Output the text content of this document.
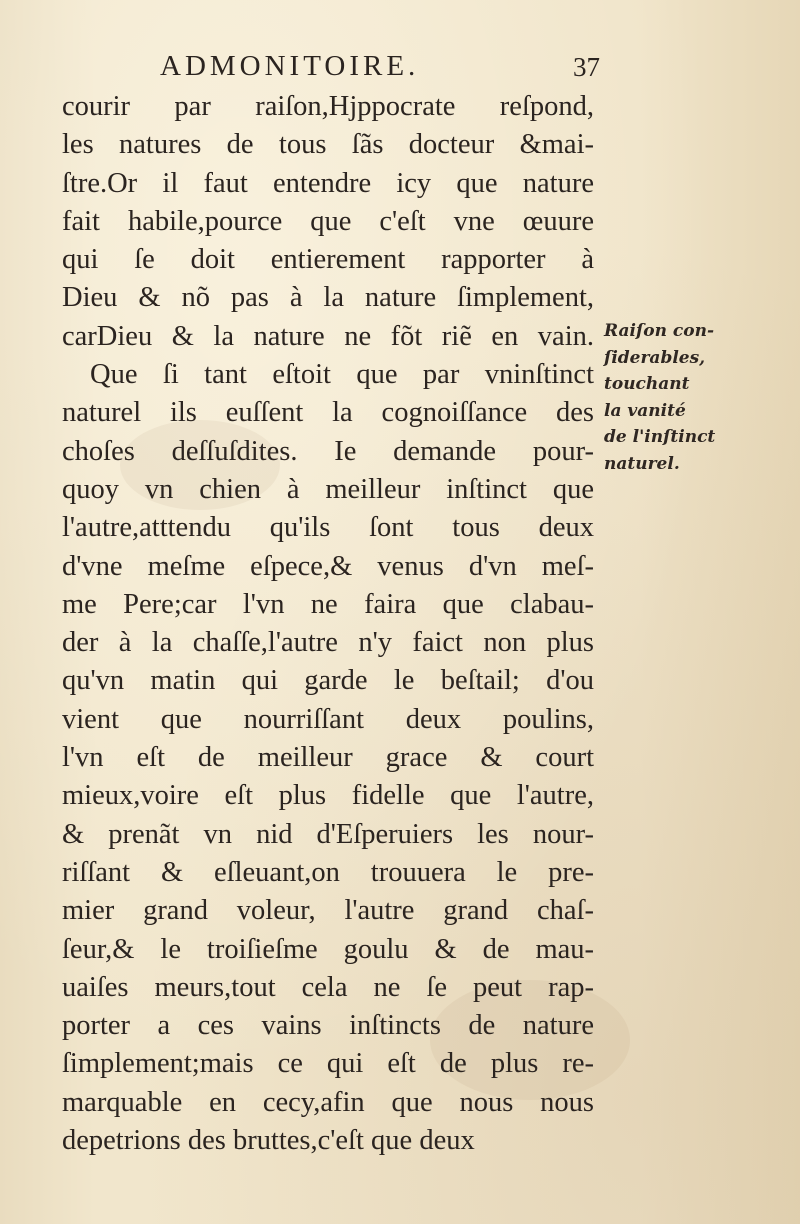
ADMONITOIRE.	37
courir par raiſon,Hjppocrate reſpond,
les natures de tous ſãs docteur &mai-
ſtre.Or il faut entendre icy que nature
fait habile,pource que c'eſt vne œuure
qui ſe doit entierement rapporter à
Dieu & nõ pas à la nature ſimplement,
carDieu & la nature ne fõt riẽ en vain.
Que ſi tant eſtoit que par vninſtinct
naturel ils euſſent la cognoiſſance des
choſes deſſuſdites. Ie demande pour-
quoy vn chien à meilleur inſtinct que
l'autre,atttendu qu'ils ſont tous deux
d'vne meſme eſpece,& venus d'vn meſ-
me Pere;car l'vn ne faira que clabau-
der à la chaſſe,l'autre n'y faict non plus
qu'vn matin qui garde le beſtail; d'ou
vient que nourriſſant deux poulins,
l'vn eſt de meilleur grace & court
mieux,voire eſt plus fidelle que l'autre,
& prenãt vn nid d'Eſperuiers les nour-
riſſant & eſleuant,on trouuera le pre-
mier grand voleur, l'autre grand chaſ-
ſeur,& le troiſieſme goulu & de mau-
uaiſes meurs,tout cela ne ſe peut rap-
porter a ces vains inſtincts de nature
ſimplement;mais ce qui eſt de plus re-
marquable en cecy,afin que nous nous
depetrions des bruttes,c'eſt que deux
Raiſon con-
ſiderables,
touchant
la vanité
de l'inſtinct
naturel.
